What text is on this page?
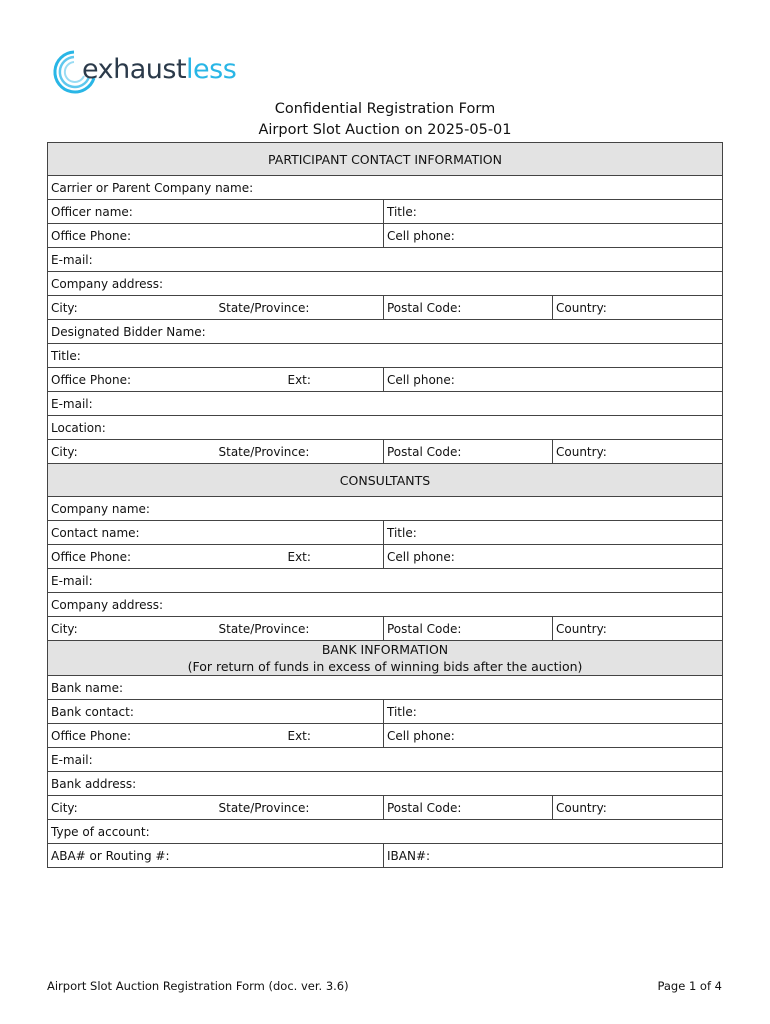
exhaustless
Confidential Registration Form
Airport Slot Auction on 2025-05-01
PARTICIPANT CONTACT INFORMATION			
Carrier or Parent Company name:			
Officer name:		Title:	
Office Phone:		Cell phone:	
E-mail:			
Company address:			
City:	State/Province:	Postal Code:	Country:
Designated Bidder Name:			
Title:			
Office Phone:	Ext:	Cell phone:	
E-mail:			
Location:			
City:	State/Province:	Postal Code:	Country:
CONSULTANTS			
Company name:			
Contact name:		Title:	
Office Phone:	Ext:	Cell phone:	
E-mail:			
Company address:			
City:	State/Province:	Postal Code:	Country:
BANK INFORMATION
(For return of funds in excess of winning bids after the auction)			
Bank name:			
Bank contact:		Title:	
Office Phone:	Ext:	Cell phone:	
E-mail:			
Bank address:			
City:	State/Province:	Postal Code:	Country:
Type of account:			
ABA# or Routing #:		IBAN#:	
Airport Slot Auction Registration Form (doc. ver. 3.6)	Page 1 of 4
